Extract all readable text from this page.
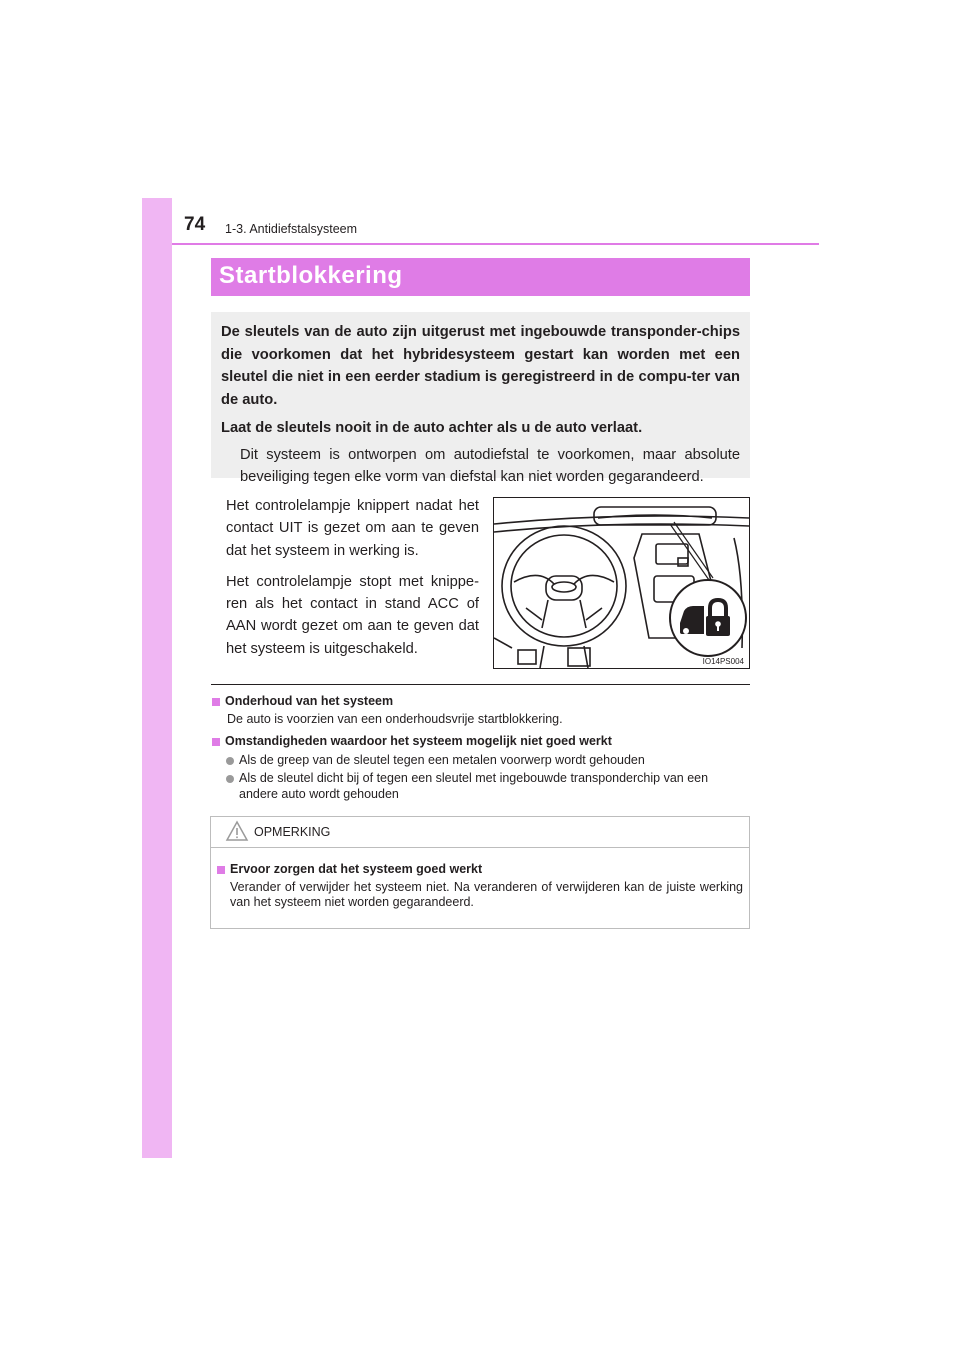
74 1-3. Antidiefstalsysteem
Startblokkering

De sleutels van de auto zijn uitgerust met ingebouwde transponder-chips die voorkomen dat het hybridesysteem gestart kan worden met een sleutel die niet in een eerder stadium is geregistreerd in de compu-ter van de auto.

Laat de sleutels nooit in de auto achter als u de auto verlaat.

Dit systeem is ontworpen om autodiefstal te voorkomen, maar absolute beveiliging tegen elke vorm van diefstal kan niet worden gegarandeerd.

Het controlelampje knippert nadat het contact UIT is gezet om aan te geven dat het systeem in werking is.

Het controlelampje stopt met knippe-ren als het contact in stand ACC of AAN wordt gezet om aan te geven dat het systeem is uitgeschakeld.

IO14PS004
Onderhoud van het systeem
De auto is voorzien van een onderhoudsvrije startblokkering.
Omstandigheden waardoor het systeem mogelijk niet goed werkt
Als de greep van de sleutel tegen een metalen voorwerp wordt gehouden
Als de sleutel dicht bij of tegen een sleutel met ingebouwde transponderchip van een andere auto wordt gehouden
OPMERKING
Ervoor zorgen dat het systeem goed werkt
Verander of verwijder het systeem niet. Na veranderen of verwijderen kan de juiste werking van het systeem niet worden gegarandeerd.
carmanualsonline.info
